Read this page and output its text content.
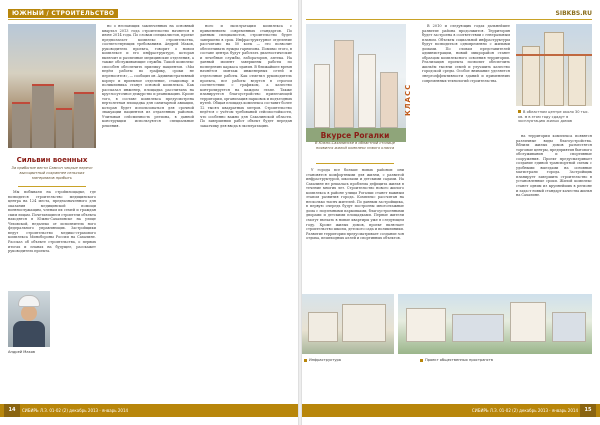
ЮЖНЫЙ / СТРОИТЕЛЬСТВО	SIBKBS.RU
Сильвин военных
За прибытие вести Самсон чекрые перечн высоцвитный сохраннее сельских материалов прибыть

Мы побывали на стройплощадке, где возводится строительство медицинского центра на 124 места, предназначенного для оказания медицинской помощи военнослужащим, членам их семей и граждан ским лицам. Почетающиеся строители объекта находятся в Южно-Сахалинске на улице Чеховской, недалеко от исполнитель ного федерального управляющих. Застройщики ведут строительство медико-страхового комплекса Минобороны России на Сахалине. Рассказ об объекте строительства, о первых итогах и планах на будущее, расскажет руководитель проекта.

Андрей Маков

но о неспающих заключенных на основный квартал 2013 года строительство начнется в июне 2014 года. По словам специалистов, проект предполагает комплекс строительства, соответствующих требованиям. Андрей Маков, руководитель проекта, говорит о новом комплексе и его инфраструктуре, которая включит и различные медицинские отделения, а также обслуживающие службы. Такой комплекс способен обеспечить приемку пациентов. «Мы ведём работы по графику, сроки не переносятся», — сообщил он. Административный корпус и приемное отделение, стационар и поликлиника станут основой комплекса. Как рассказал инженер, площадка рассчитана на круглосуточное дежурство и реанимацию. Кроме того, в составе комплекса предусмотрена вертолетная площадка для санитарной авиации, которая будет использоваться для срочной эвакуации пациентов из отдаленных районов. Учитывая сейсмичность региона, в данной конструкции используются специальные решения.

ного и эксплуатации комплекса с применением современных стандартов. По данным специалистов, строительство будет завершено в срок. Инфраструктурное отделение рассчитано на 50 коек — это позволит обеспечивать нужды гарнизона. Помимо этого, в составе центра будут работать диагностические и лечебные службы, лаборатория, аптека. На данный момент завершены работы по возведению каркаса здания. В ближайшее время начнётся монтаж инженерных сетей и отделочные работы. Как отметил руководитель проекта, все работы ведутся в строгом соответствии с графиком, а качество контролируется на каждом этапе. Также планируется благоустройство прилегающей территории, организация парковок и подъездных путей. Общая площадь комплекса составит более 12 тысяч квадратных метров. Строительство ведётся с учётом требований сейсмостойкости, что особенно важно для Сахалинской области. По завершении работ объект будет передан заказчику для ввода в эксплуатацию.

КЛАСС
Вкурсе Рогалки
В Южно-Сахалинске в областной столице появится жилой комплекс нового класса

У города все больше новых районов: они становятся комфортными для жизни, с развитой инфраструктурой, школами и детскими садами. На Сахалине не решалась проблема дефицита жилья в течение многих лет. Строительство нового жилого комплекса в районе улицы Рогалки станет важным этапом развития города. Комплекс рассчитан на несколько тысяч жителей. По данным застройщика, в первую очередь будут построены многоэтажные дома с подземными парковками, благоустроенными дворами и детскими площадками. Первые жители смогут въехать в новые квартиры уже в следующем году. Кроме жилых домов, проект включает строительство школы, детского сада и поликлиники. Развитие территории предусматривает создание зон отдыха, пешеходных аллей и спортивных объектов.

В 2010 и следующих годах дальнейшее развитие района продолжится. Территория будет застроена в соответствии с генеральным планом. Объекты социальной инфраструктуры будут возводиться одновременно с жилыми домами. По словам представителей администрации, новый микрорайон станет образцом комплексного освоения территории. Реализация проекта позволит обеспечить жильём тысячи семей и улучшить качество городской среды. Особое внимание уделяется энергоэффективности зданий и применению современных технологий строительства.

В областном центре около 30 тыс. кв. м в этом году сдадут в эксплуатацию жилых домов

на территории комплекса появятся различные виды благоустройства. Вблизи жилых домов разместятся торговые центры, предприятия бытового обслуживания и спортивные сооружения. Проект предусматривает создание единой транспортной схемы с удобными выездами на основные магистрали города. Застройщик планирует завершить строительство в установленные сроки. Жилой комплекс станет одним из крупнейших в регионе и задаст новый стандарт качества жилья на Сахалине.

Инфраструктура	Проект общественных пространств
СИБИРЬ Л.З. 01-02 (2) декабрь 2013 · январь 2014
14	СИБИРЬ Л.З. 01-02 (2) декабрь 2013 · январь 2014	15
